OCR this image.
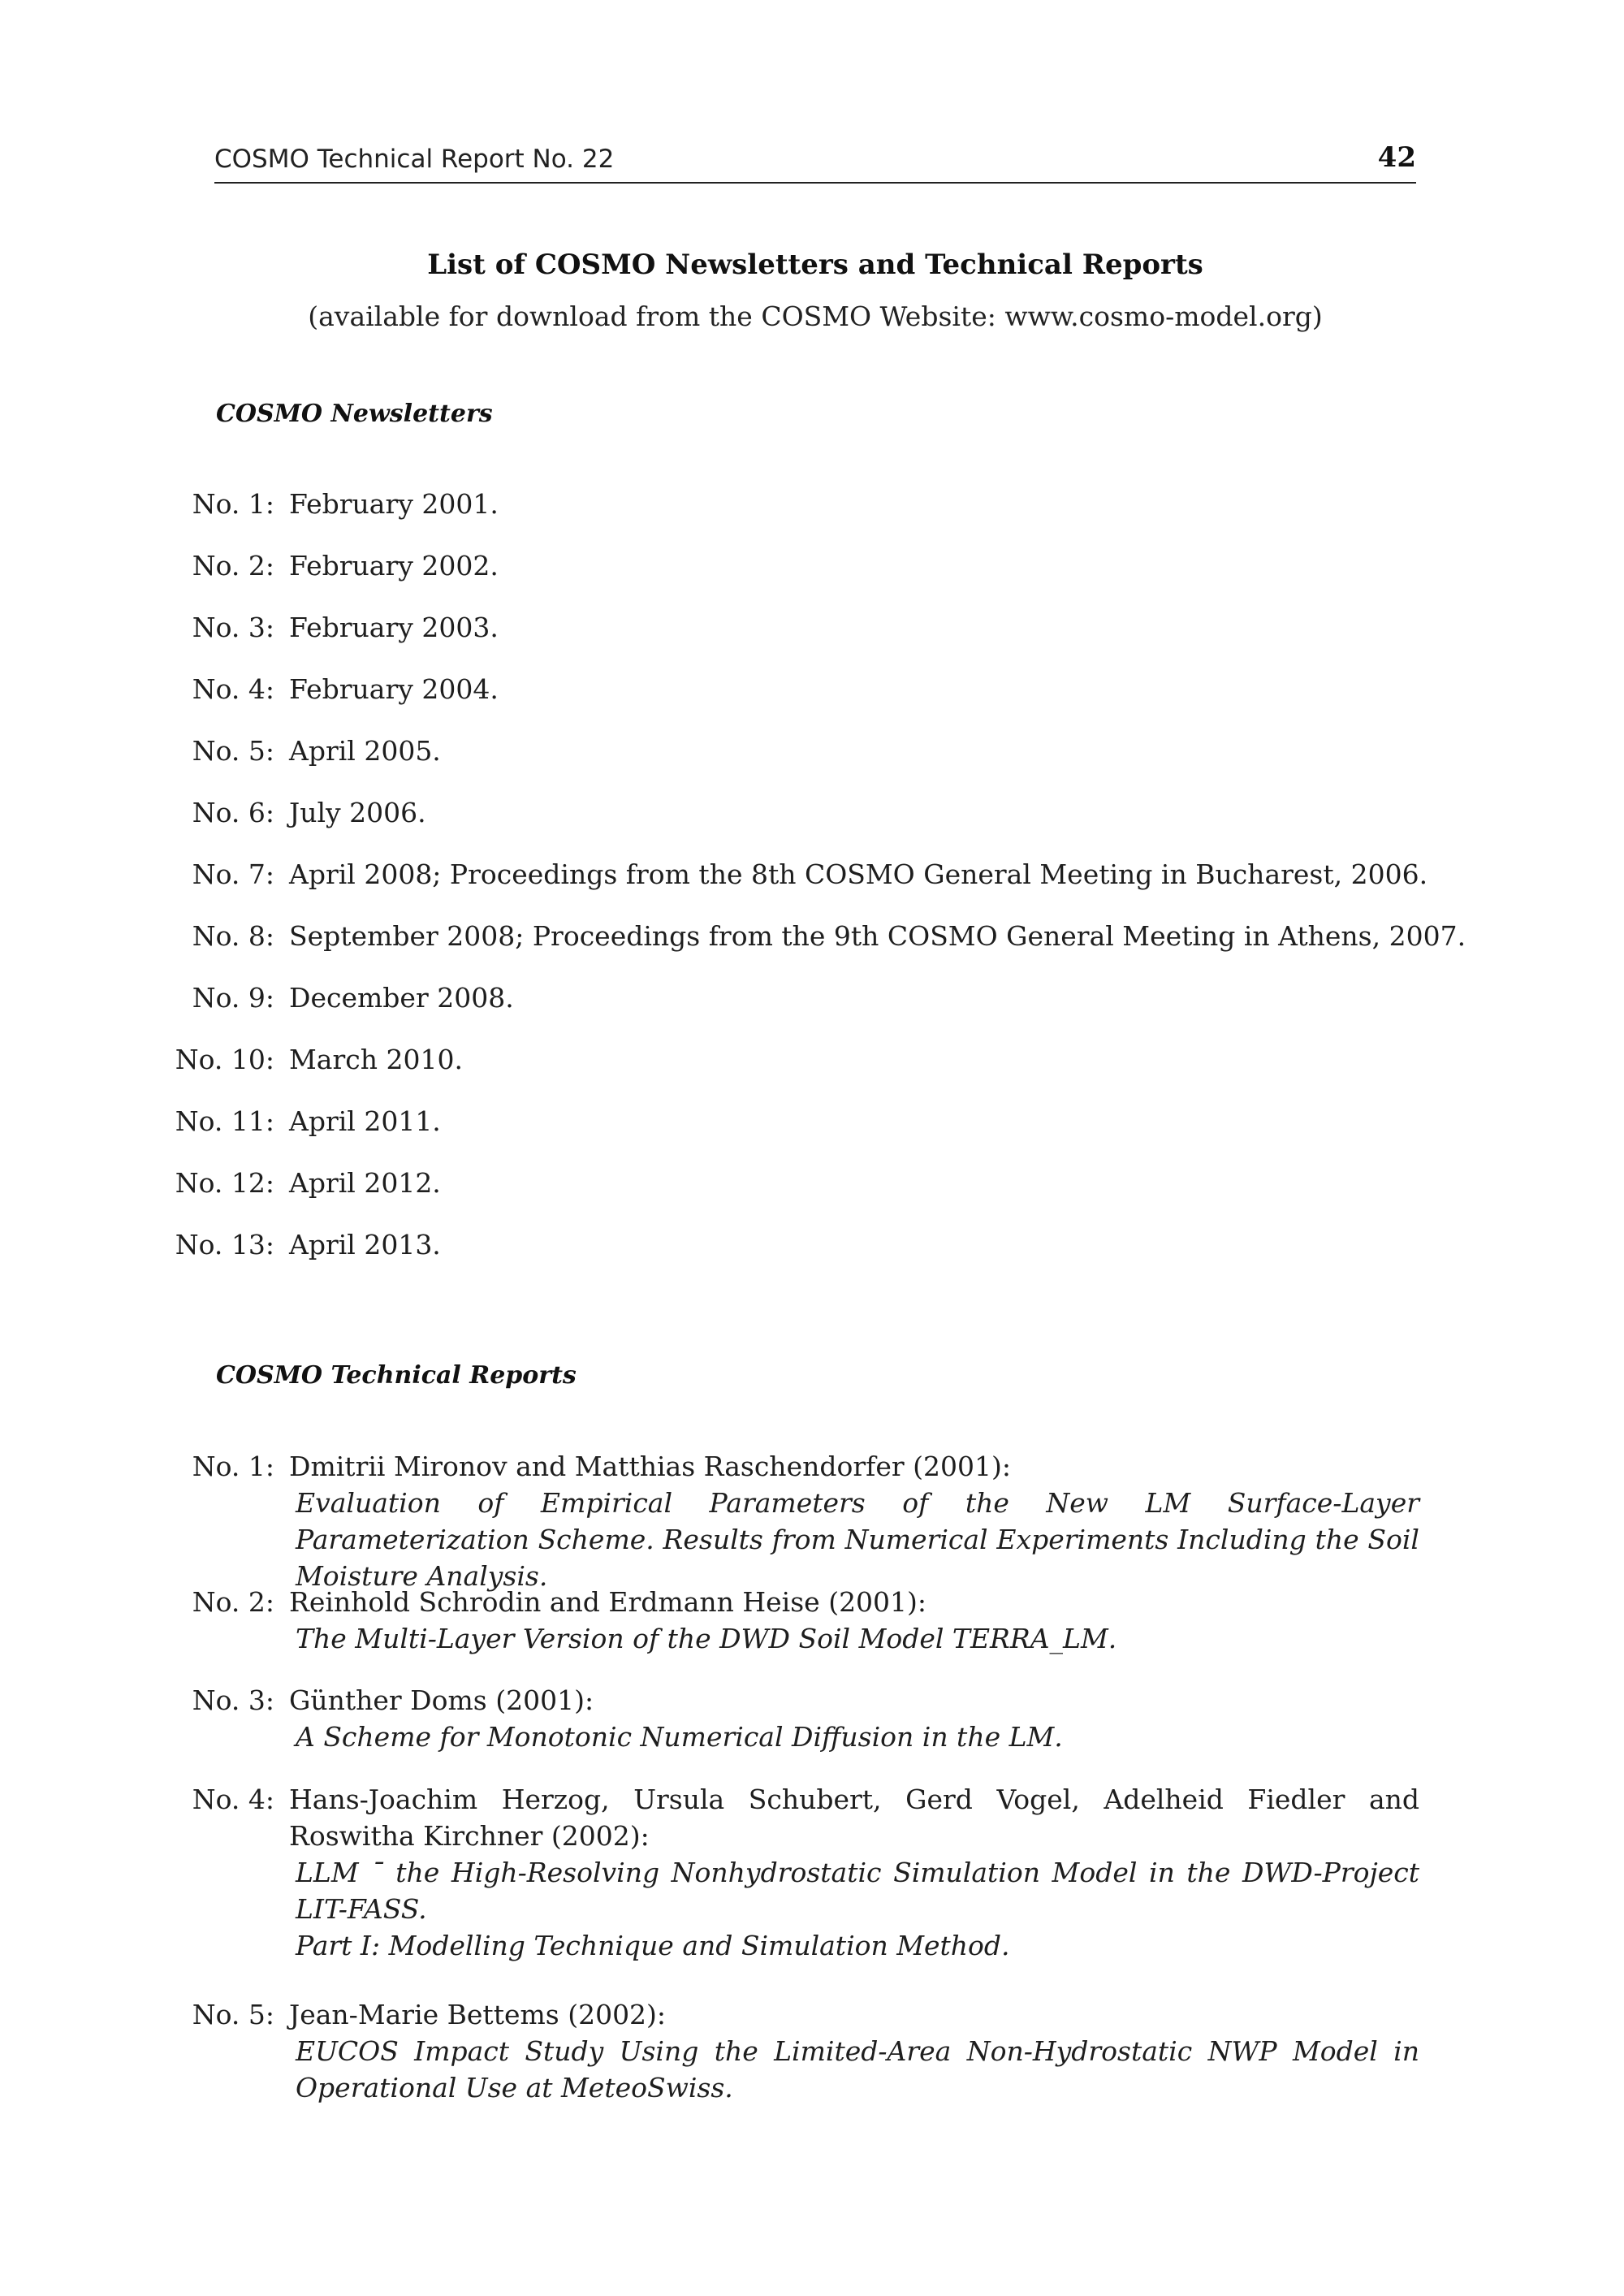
COSMO Technical Report No. 22	42
List of COSMO Newsletters and Technical Reports
(available for download from the COSMO Website: www.cosmo-model.org)
COSMO Newsletters
No. 1: February 2001.
No. 2: February 2002.
No. 3: February 2003.
No. 4: February 2004.
No. 5: April 2005.
No. 6: July 2006.
No. 7: April 2008; Proceedings from the 8th COSMO General Meeting in Bucharest, 2006.
No. 8: September 2008; Proceedings from the 9th COSMO General Meeting in Athens, 2007.
No. 9: December 2008.
No. 10: March 2010.
No. 11: April 2011.
No. 12: April 2012.
No. 13: April 2013.
COSMO Technical Reports
No. 1: Dmitrii Mironov and Matthias Raschendorfer (2001):
Evaluation of Empirical Parameters of the New LM Surface-Layer Parameterization Scheme. Results from Numerical Experiments Including the Soil Moisture Analysis.
No. 2: Reinhold Schrodin and Erdmann Heise (2001):
The Multi-Layer Version of the DWD Soil Model TERRA_LM.
No. 3: Günther Doms (2001):
A Scheme for Monotonic Numerical Diffusion in the LM.
No. 4: Hans-Joachim Herzog, Ursula Schubert, Gerd Vogel, Adelheid Fiedler and Roswitha Kirchner (2002):
LLM ¯ the High-Resolving Nonhydrostatic Simulation Model in the DWD-Project LIT-FASS.
Part I: Modelling Technique and Simulation Method.
No. 5: Jean-Marie Bettems (2002):
EUCOS Impact Study Using the Limited-Area Non-Hydrostatic NWP Model in Operational Use at MeteoSwiss.
